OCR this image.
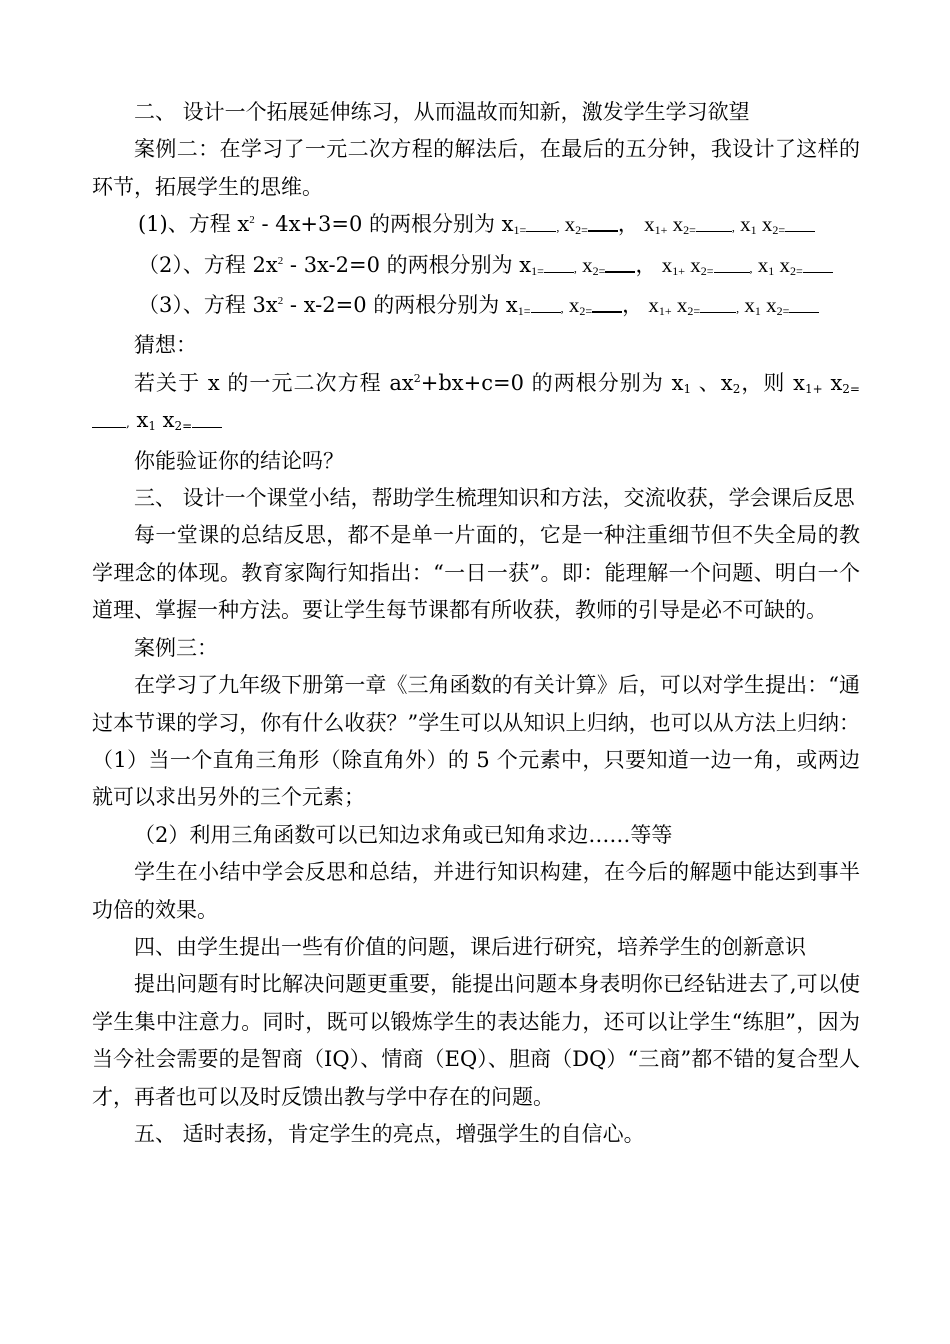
二、 设计一个拓展延伸练习，从而温故而知新，激发学生学习欲望

案例二：在学习了一元二次方程的解法后，在最后的五分钟，我设计了这样的环节，拓展学生的思维。

(1)、方程 $x^2 - 4x+3=0$ 的两根分别为 $x_{1=}$	, $x_{2=}$ ， $x_{1+}$ $x_{2=}$	, $x_1$ $x_{2=}$

（2）、方程 $2x^2 - 3x-2=0$ 的两根分别为 $x_{1=}$	, $x_{2=}$ ， $x_{1+}$ $x_{2=}$	, $x_1$ $x_{2=}$

（3）、方程 $3x^2 - x-2=0$ 的两根分别为 $x_{1=}$	, $x_{2=}$ ， $x_{1+}$ $x_{2=}$	, $x_1$ $x_{2=}$

猜想：

若关于 x 的一元二次方程 $ax^2+bx+c=0$ 的两根分别为 $x_1$ 、$x_2$，则 $x_{1+}$ $x_{2=}$, $x_1$ $x_{2=}$

你能验证你的结论吗？

三、 设计一个课堂小结，帮助学生梳理知识和方法，交流收获，学会课后反思

每一堂课的总结反思，都不是单一片面的，它是一种注重细节但不失全局的教学理念的体现。教育家陶行知指出：“一日一获”。即：能理解一个问题、明白一个道理、掌握一种方法。要让学生每节课都有所收获，教师的引导是必不可缺的。

案例三：

在学习了九年级下册第一章《三角函数的有关计算》后，可以对学生提出：“通过本节课的学习，你有什么收获？”学生可以从知识上归纳，也可以从方法上归纳：（1）当一个直角三角形（除直角外）的 5 个元素中，只要知道一边一角，或两边就可以求出另外的三个元素；

（2）利用三角函数可以已知边求角或已知角求边……等等

学生在小结中学会反思和总结，并进行知识构建，在今后的解题中能达到事半功倍的效果。

四、由学生提出一些有价值的问题，课后进行研究，培养学生的创新意识

提出问题有时比解决问题更重要，能提出问题本身表明你已经钻进去了,可以使学生集中注意力。同时，既可以锻炼学生的表达能力，还可以让学生“练胆”，因为当今社会需要的是智商（IQ）、情商（EQ）、胆商（DQ）“三商”都不错的复合型人才，再者也可以及时反馈出教与学中存在的问题。

五、 适时表扬，肯定学生的亮点，增强学生的自信心。
